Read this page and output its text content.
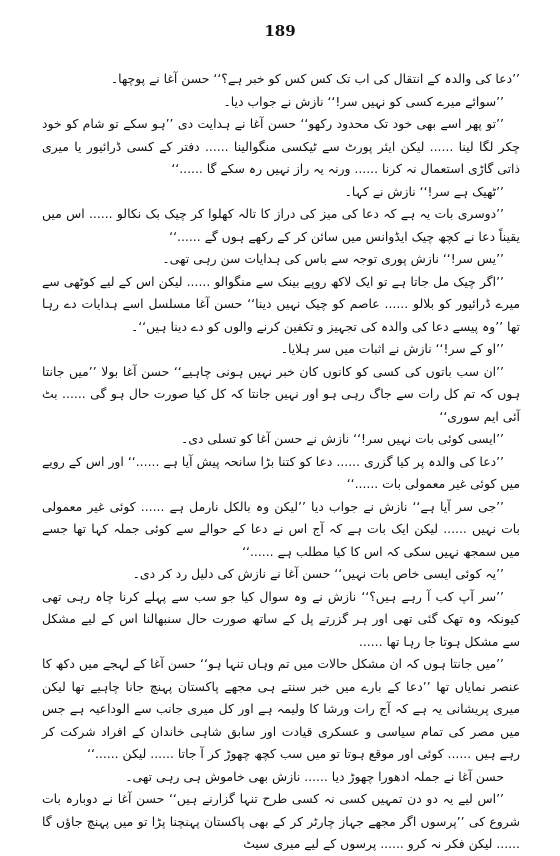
189

’’دعا کی والدہ کے انتقال کی اب تک کس کس کو خبر ہے؟‘‘ حسن آغا نے پوچھا۔

’’سوائے میرے کسی کو نہیں سر!‘‘ نازش نے جواب دیا۔

’’تو پھر اسے بھی خود تک محدود رکھو‘‘ حسن آغا نے ہدایت دی ’’ہو سکے تو شام کو خود چکر لگا لینا ...... لیکن ایئر پورٹ سے ٹیکسی منگوالینا ...... دفتر کے کسی ڈرائیور یا میری ذاتی گاڑی استعمال نہ کرنا ...... ورنہ یہ راز نہیں رہ سکے گا ......‘‘

’’ٹھیک ہے سر!‘‘ نازش نے کہا۔

’’دوسری بات یہ ہے کہ دعا کی میز کی دراز کا تالہ کھلوا کر چیک بک نکالو ...... اس میں یقیناً دعا نے کچھ چیک ایڈوانس میں سائن کر کے رکھے ہوں گے ......‘‘

’’یس سر!‘‘ نازش پوری توجہ سے باس کی ہدایات سن رہی تھی۔

’’اگر چیک مل جاتا ہے تو ایک لاکھ روپے بینک سے منگوالو ...... لیکن اس کے لیے کوٹھی سے میرے ڈرائیور کو بلالو ...... عاصم کو چیک نہیں دینا‘‘ حسن آغا مسلسل اسے ہدایات دے رہا تھا ’’وہ پیسے دعا کی والدہ کی تجہیز و تکفین کرنے والوں کو دے دینا ہیں‘‘۔

’’او کے سر!‘‘ نازش نے اثبات میں سر ہلایا۔

’’ان سب باتوں کی کسی کو کانوں کان خبر نہیں ہونی چاہیے‘‘ حسن آغا بولا ’’میں جانتا ہوں کہ تم کل رات سے جاگ رہی ہو اور نہیں جانتا کہ کل کیا صورت حال ہو گی ...... بٹ آئی ایم سوری‘‘

’’ایسی کوئی بات نہیں سر!‘‘ نازش نے حسن آغا کو تسلی دی۔

’’دعا کی والدہ پر کیا گزری ...... دعا کو کتنا بڑا سانحہ پیش آیا ہے ......‘‘ اور اس کے رویے میں کوئی غیر معمولی بات ......‘‘

’’جی سر آیا ہے‘‘ نازش نے جواب دیا ’’لیکن وہ بالکل نارمل ہے ...... کوئی غیر معمولی بات نہیں ...... لیکن ایک بات ہے کہ آج اس نے دعا کے حوالے سے کوئی جملہ کہا تھا جسے میں سمجھ نہیں سکی کہ اس کا کیا مطلب ہے ......‘‘

’’یہ کوئی ایسی خاص بات نہیں‘‘ حسن آغا نے نازش کی دلیل رد کر دی۔

’’سر آپ کب آ رہے ہیں؟‘‘ نازش نے وہ سوال کیا جو سب سے پہلے کرنا چاہ رہی تھی کیونکہ وہ تھک گئی تھی اور ہر گزرتے پل کے ساتھ صورت حال سنبھالنا اس کے لیے مشکل سے مشکل ہوتا جا رہا تھا ......

’’میں جانتا ہوں کہ ان مشکل حالات میں تم وہاں تنہا ہو‘‘ حسن آغا کے لہجے میں دکھ کا عنصر نمایاں تھا ’’دعا کے بارے میں خبر سنتے ہی مجھے پاکستان پہنچ جانا چاہیے تھا لیکن میری پریشانی یہ ہے کہ آج رات ورشا کا ولیمہ ہے اور کل میری جانب سے الوداعیہ ہے جس میں مصر کی تمام سیاسی و عسکری قیادت اور سابق شاہی خاندان کے افراد شرکت کر رہے ہیں ...... کوئی اور موقع ہوتا تو میں سب کچھ چھوڑ کر آ جاتا ...... لیکن ......‘‘

حسن آغا نے جملہ ادھورا چھوڑ دیا ...... نازش بھی خاموش ہی رہی تھی۔

’’اس لیے یہ دو دن تمہیں کسی نہ کسی طرح تنہا گزارنے ہیں‘‘ حسن آغا نے دوبارہ بات شروع کی ’’پرسوں اگر مجھے جہاز چارٹر کر کے بھی پاکستان پہنچنا پڑا تو میں پہنچ جاؤں گا ...... لیکن فکر نہ کرو ...... پرسوں کے لیے میری سیٹ
